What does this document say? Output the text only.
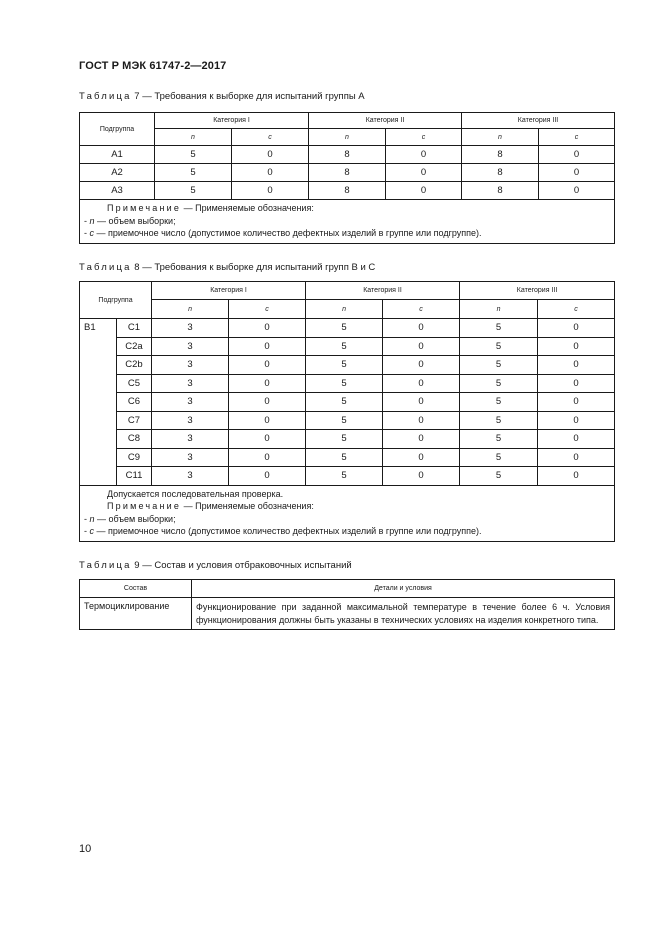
ГОСТ Р МЭК 61747-2—2017
Таблица 7 — Требования к выборке для испытаний группы А
Подгруппа	Категория I		Категория II		Категория III	
	n	c	n	c	n	c
A1	5	0	8	0	8	0
A2	5	0	8	0	8	0
A3	5	0	8	0	8	0

Примечание — Применяемые обозначения:
- n — объем выборки;
- c — приемочное число (допустимое количество дефектных изделий в группе или подгруппе).						
Таблица 8 — Требования к выборке для испытаний групп В и С
Подгруппа		Категория I		Категория II		Категория III	
		n	c	n	c	n	c
B1	C1	3	0	5	0	5	0
	C2a	3	0	5	0	5	0
	C2b	3	0	5	0	5	0
	C5	3	0	5	0	5	0
	C6	3	0	5	0	5	0
	C7	3	0	5	0	5	0
	C8	3	0	5	0	5	0
	C9	3	0	5	0	5	0
	C11	3	0	5	0	5	0

Допускается последовательная проверка.
Примечание — Применяемые обозначения:
- n — объем выборки;
- c — приемочное число (допустимое количество дефектных изделий в группе или подгруппе).							
Таблица 9 — Состав и условия отбраковочных испытаний
Состав	Детали и условия
Термоциклирование	Функционирование при заданной максимальной температуре в течение более 6 ч. Условия функционирования должны быть указаны в технических условиях на изделия конкретного типа.
10
